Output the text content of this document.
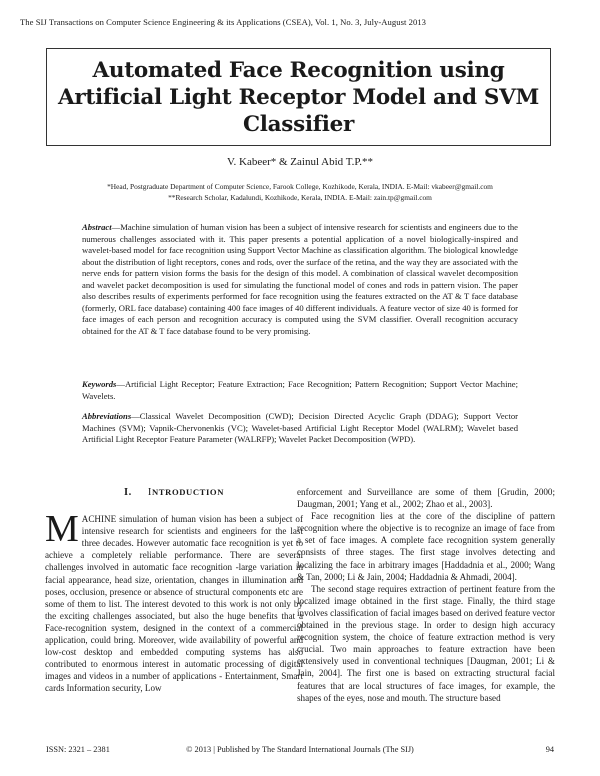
The SIJ Transactions on Computer Science Engineering & its Applications (CSEA), Vol. 1, No. 3, July-August 2013
Automated Face Recognition using Artificial Light Receptor Model and SVM Classifier
V. Kabeer* & Zainul Abid T.P.**
*Head, Postgraduate Department of Computer Science, Farook College, Kozhikode, Kerala, INDIA. E-Mail: vkabeer@gmail.com
**Research Scholar, Kadalundi, Kozhikode, Kerala, INDIA. E-Mail: zain.tp@gmail.com

Abstract—Machine simulation of human vision has been a subject of intensive research for scientists and engineers due to the numerous challenges associated with it. This paper presents a potential application of a novel biologically-inspired and wavelet-based model for face recognition using Support Vector Machine as classification algorithm. The biological knowledge about the distribution of light receptors, cones and rods, over the surface of the retina, and the way they are associated with the nerve ends for pattern vision forms the basis for the design of this model. A combination of classical wavelet decomposition and wavelet packet decomposition is used for simulating the functional model of cones and rods in pattern vision. The paper also describes results of experiments performed for face recognition using the features extracted on the AT & T face database (formerly, ORL face database) containing 400 face images of 40 different individuals. A feature vector of size 40 is formed for face images of each person and recognition accuracy is computed using the SVM classifier. Overall recognition accuracy obtained for the AT & T face database found to be very promising.

Keywords—Artificial Light Receptor; Feature Extraction; Face Recognition; Pattern Recognition; Support Vector Machine; Wavelets.

Abbreviations—Classical Wavelet Decomposition (CWD); Decision Directed Acyclic Graph (DDAG); Support Vector Machines (SVM); Vapnik-Chervonenkis (VC); Wavelet-based Artificial Light Receptor Model (WALRM); Wavelet based Artificial Light Receptor Feature Parameter (WALRFP); Wavelet Packet Decomposition (WPD).

I. INTRODUCTION

MACHINE simulation of human vision has been a subject of intensive research for scientists and engineers for the last three decades. However automatic face recognition is yet to achieve a completely reliable performance. There are several challenges involved in automatic face recognition -large variation in facial appearance, head size, orientation, changes in illumination and poses, occlusion, presence or absence of structural components etc are some of them to list. The interest devoted to this work is not only by the exciting challenges associated, but also the huge benefits that a Face-recognition system, designed in the context of a commercial application, could bring. Moreover, wide availability of powerful and low-cost desktop and embedded computing systems has also contributed to enormous interest in automatic processing of digital images and videos in a number of applications - Entertainment, Smart cards Information security, Low

enforcement and Surveillance are some of them [Grudin, 2000; Daugman, 2001; Yang et al., 2002; Zhao et al., 2003].

Face recognition lies at the core of the discipline of pattern recognition where the objective is to recognize an image of face from a set of face images. A complete face recognition system generally consists of three stages. The first stage involves detecting and localizing the face in arbitrary images [Haddadnia et al., 2000; Wang & Tan, 2000; Li & Jain, 2004; Haddadnia & Ahmadi, 2004].

The second stage requires extraction of pertinent feature from the localized image obtained in the first stage. Finally, the third stage involves classification of facial images based on derived feature vector obtained in the previous stage. In order to design high accuracy recognition system, the choice of feature extraction method is very crucial. Two main approaches to feature extraction have been extensively used in conventional techniques [Daugman, 2001; Li & Jain, 2004]. The first one is based on extracting structural facial features that are local structures of face images, for example, the shapes of the eyes, nose and mouth. The structure based

ISSN: 2321 – 2381	© 2013 | Published by The Standard International Journals (The SIJ)	94
